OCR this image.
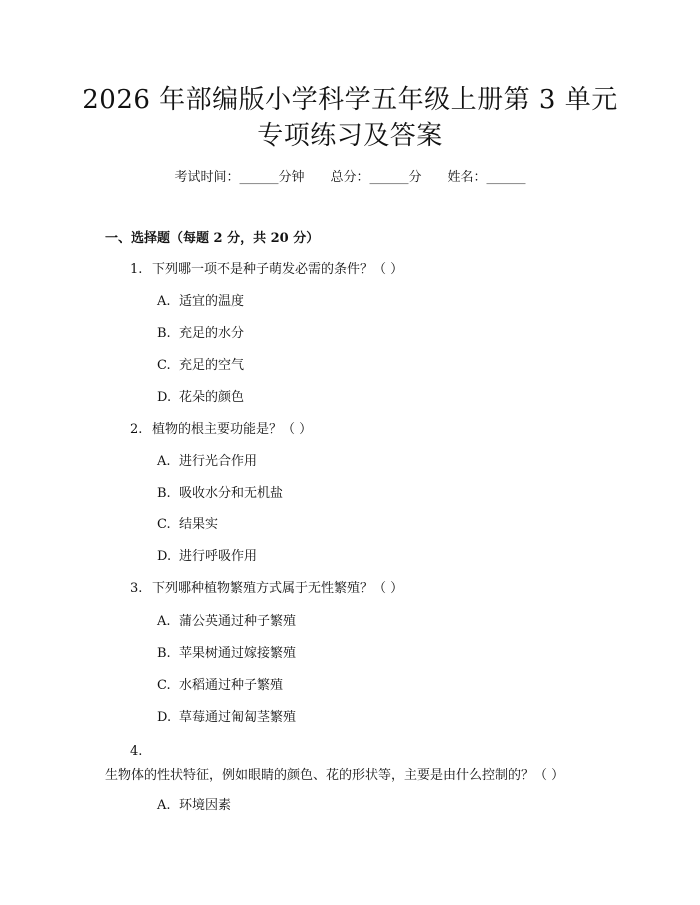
2026 年部编版小学科学五年级上册第 3 单元
专项练习及答案
考试时间：______分钟 总分：______分 姓名：______
一、选择题（每题 2 分，共 20 分）
1. 下列哪一项不是种子萌发必需的条件？（ ）
A. 适宜的温度
B. 充足的水分
C. 充足的空气
D. 花朵的颜色
2. 植物的根主要功能是？（ ）
A. 进行光合作用
B. 吸收水分和无机盐
C. 结果实
D. 进行呼吸作用
3. 下列哪种植物繁殖方式属于无性繁殖？（ ）
A. 蒲公英通过种子繁殖
B. 苹果树通过嫁接繁殖
C. 水稻通过种子繁殖
D. 草莓通过匍匐茎繁殖
4. 生物体的性状特征，例如眼睛的颜色、花的形状等，主要是由什么控制的？（ ）
A. 环境因素
